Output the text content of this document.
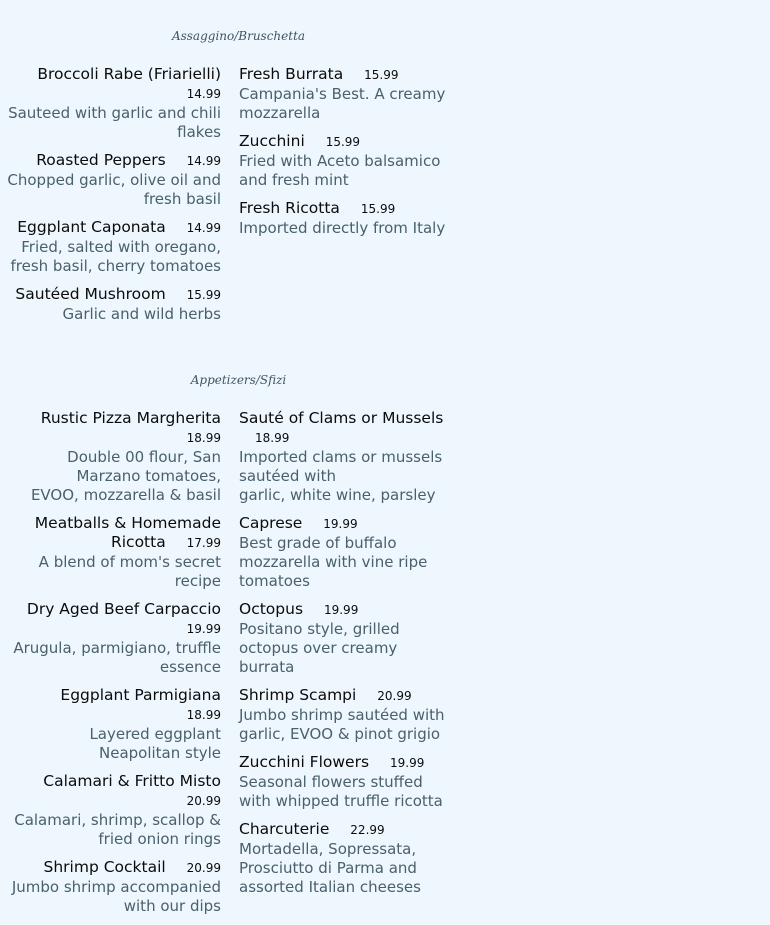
Assaggino/Bruschetta
Broccoli Rabe (Friarielli) 14.99
Sauteed with garlic and chili flakes
Roasted Peppers 14.99
Chopped garlic, olive oil and fresh basil
Eggplant Caponata 14.99
Fried, salted with oregano, fresh basil, cherry tomatoes
Sautéed Mushroom 15.99
Garlic and wild herbs
Fresh Burrata 15.99
Campania's Best. A creamy mozzarella
Zucchini 15.99
Fried with Aceto balsamico and fresh mint
Fresh Ricotta 15.99
Imported directly from Italy
Appetizers/Sfizi
Rustic Pizza Margherita 18.99
Double 00 flour, San Marzano tomatoes,
EVOO, mozzarella & basil
Meatballs & Homemade Ricotta 17.99
A blend of mom's secret recipe
Dry Aged Beef Carpaccio 19.99
Arugula, parmigiano, truffle essence
Eggplant Parmigiana 18.99
Layered eggplant Neapolitan style
Calamari & Fritto Misto 20.99
Calamari, shrimp, scallop & fried onion rings
Shrimp Cocktail 20.99
Jumbo shrimp accompanied with our dips
Sauté of Clams or Mussels 18.99
Imported clams or mussels sautéed with
garlic, white wine, parsley
Caprese 19.99
Best grade of buffalo mozzarella with vine ripe tomatoes
Octopus 19.99
Positano style, grilled octopus over creamy burrata
Shrimp Scampi 20.99
Jumbo shrimp sautéed with garlic, EVOO & pinot grigio
Zucchini Flowers 19.99
Seasonal flowers stuffed with whipped truffle ricotta
Charcuterie 22.99
Mortadella, Sopressata, Prosciutto di Parma and assorted Italian cheeses
